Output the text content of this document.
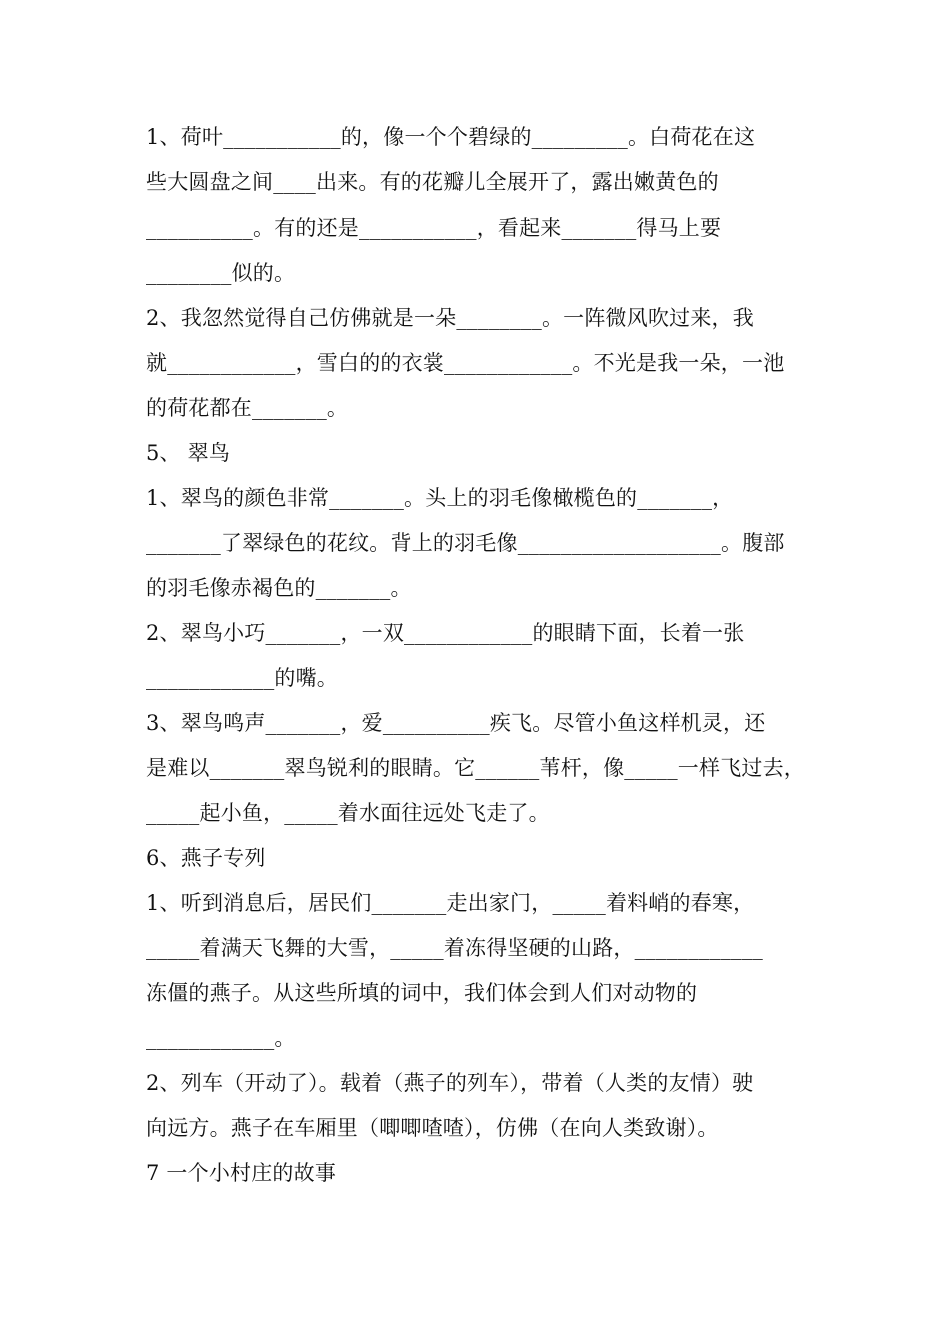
1、荷叶___________的，像一个个碧绿的_________。白荷花在这
些大圆盘之间____出来。有的花瓣儿全展开了，露出嫩黄色的
__________。有的还是___________，看起来_______得马上要
________似的。
2、我忽然觉得自己仿佛就是一朵________。一阵微风吹过来，我
就____________，雪白的的衣裳____________。不光是我一朵，一池
的荷花都在_______。
5、 翠鸟
1、翠鸟的颜色非常_______。头上的羽毛像橄榄色的_______，
_______了翠绿色的花纹。背上的羽毛像___________________。腹部
的羽毛像赤褐色的_______。
2、翠鸟小巧_______，一双____________的眼睛下面，长着一张
____________的嘴。
3、翠鸟鸣声_______，爱__________疾飞。尽管小鱼这样机灵，还
是难以_______翠鸟锐利的眼睛。它______苇杆，像_____一样飞过去，
_____起小鱼，_____着水面往远处飞走了。
6、燕子专列
1、听到消息后，居民们_______走出家门，_____着料峭的春寒，
_____着满天飞舞的大雪，_____着冻得坚硬的山路，____________
冻僵的燕子。从这些所填的词中，我们体会到人们对动物的
____________。
2、列车（开动了）。载着（燕子的列车），带着（人类的友情）驶
向远方。燕子在车厢里（唧唧喳喳），仿佛（在向人类致谢）。
7 一个小村庄的故事
